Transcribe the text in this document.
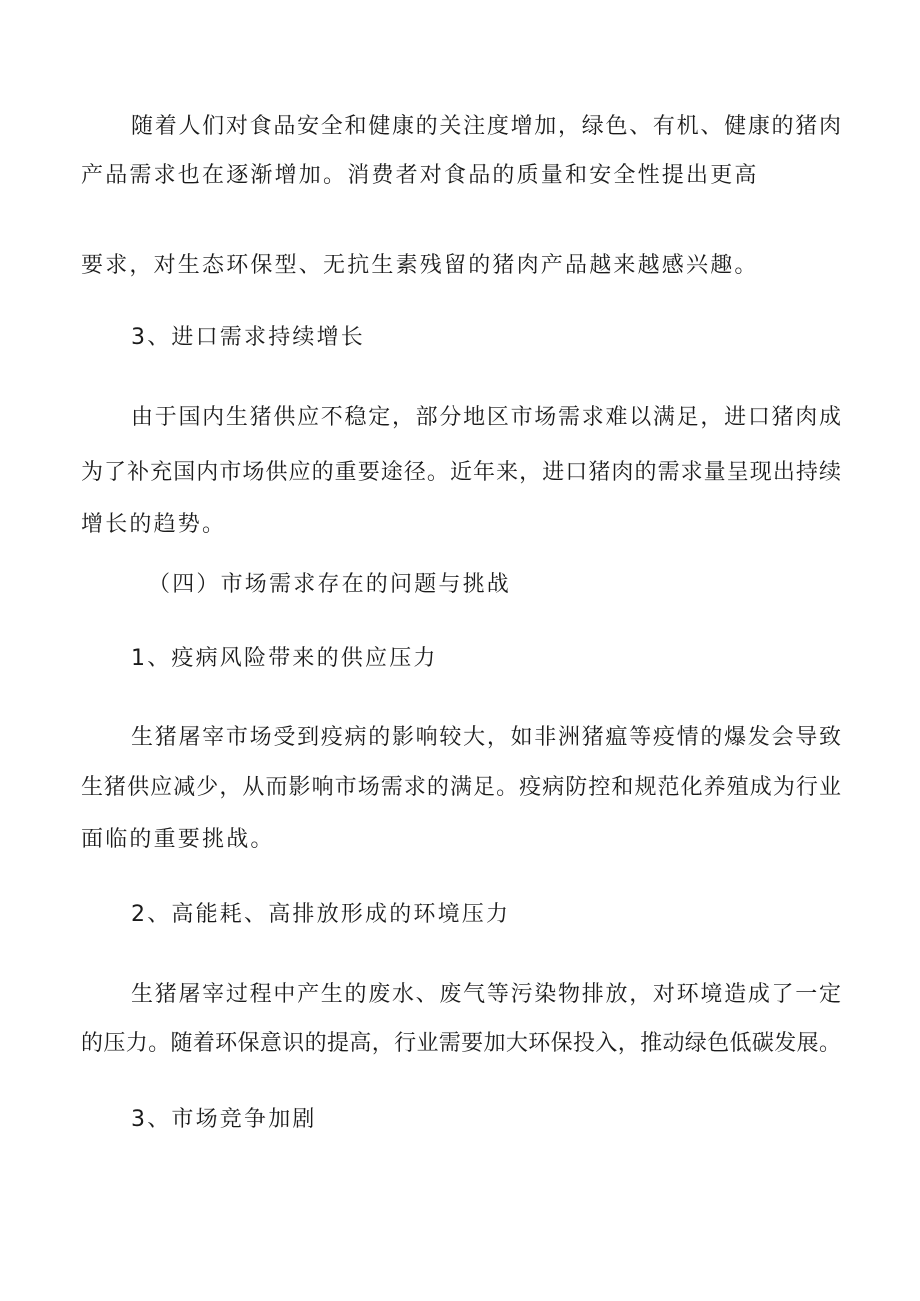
随着人们对食品安全和健康的关注度增加，绿色、有机、健康的猪肉
产品需求也在逐渐增加。消费者对食品的质量和安全性提出更高
要求，对生态环保型、无抗生素残留的猪肉产品越来越感兴趣。
3、进口需求持续增长
由于国内生猪供应不稳定，部分地区市场需求难以满足，进口猪肉成
为了补充国内市场供应的重要途径。近年来，进口猪肉的需求量呈现出持续
增长的趋势。
（四）市场需求存在的问题与挑战
1、疫病风险带来的供应压力
生猪屠宰市场受到疫病的影响较大，如非洲猪瘟等疫情的爆发会导致
生猪供应减少，从而影响市场需求的满足。疫病防控和规范化养殖成为行业
面临的重要挑战。
2、高能耗、高排放形成的环境压力
生猪屠宰过程中产生的废水、废气等污染物排放，对环境造成了一定
的压力。随着环保意识的提高，行业需要加大环保投入，推动绿色低碳发展。
3、市场竞争加剧
